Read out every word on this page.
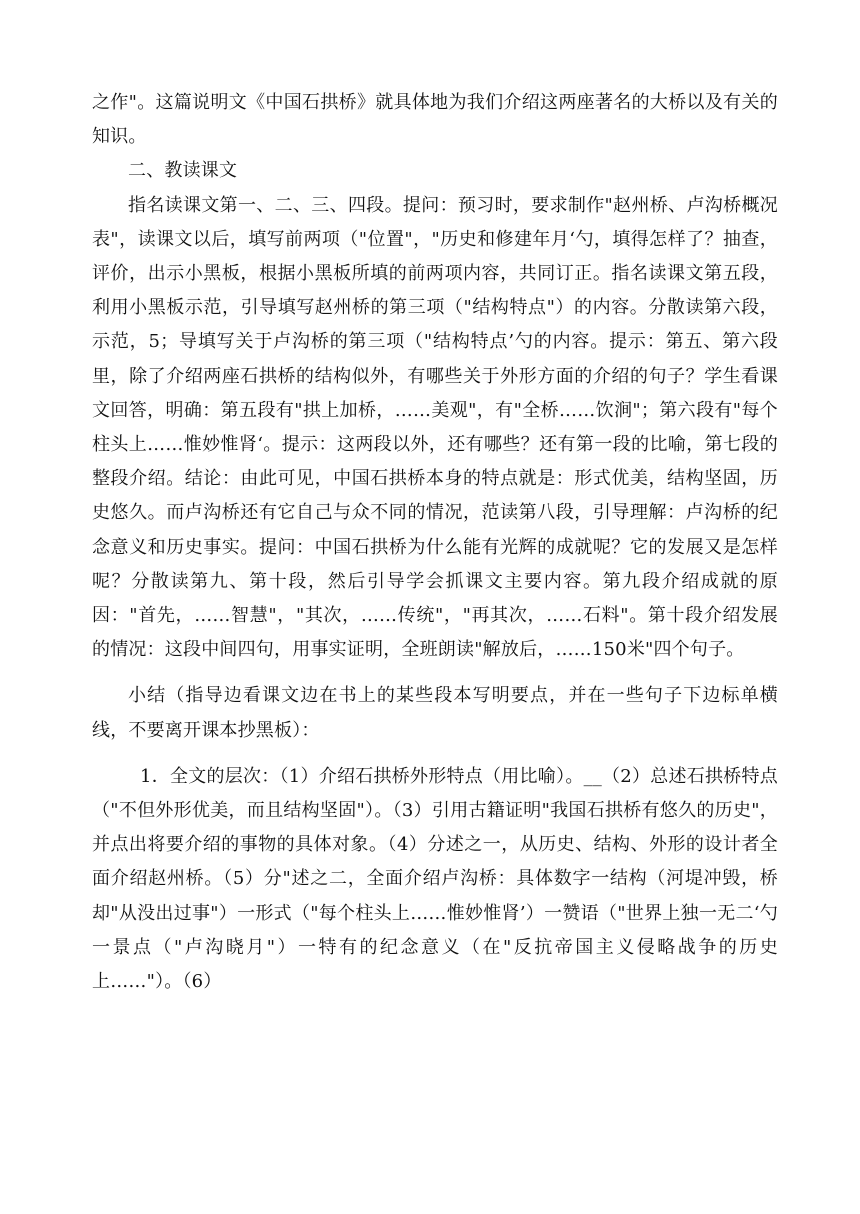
之作"。这篇说明文《中国石拱桥》就具体地为我们介绍这两座著名的大桥以及有关的知识。

二、教读课文

指名读课文第一、二、三、四段。提问：预习时，要求制作"赵州桥、卢沟桥概况表"，读课文以后，填写前两项（"位置"，"历史和修建年月‘勺，填得怎样了？抽查，评价，出示小黑板，根据小黑板所填的前两项内容，共同订正。指名读课文第五段，利用小黑板示范，引导填写赵州桥的第三项（"结构特点"）的内容。分散读第六段，示范，5；导填写关于卢沟桥的第三项（"结构特点’勺的内容。提示：第五、第六段里，除了介绍两座石拱桥的结构似外，有哪些关于外形方面的介绍的句子？学生看课文回答，明确：第五段有"拱上加桥，……美观"，有"全桥……饮涧"；第六段有"每个柱头上……惟妙惟肾‘。提示：这两段以外，还有哪些？还有第一段的比喻，第七段的整段介绍。结论：由此可见，中国石拱桥本身的特点就是：形式优美，结构坚固，历史悠久。而卢沟桥还有它自己与众不同的情况，范读第八段，引导理解：卢沟桥的纪念意义和历史事实。提问：中国石拱桥为什么能有光辉的成就呢？它的发展又是怎样呢？分散读第九、第十段，然后引导学会抓课文主要内容。第九段介绍成就的原因："首先，……智慧"，"其次，……传统"，"再其次，……石料"。第十段介绍发展的情况：这段中间四句，用事实证明，全班朗读"解放后，……150米"四个句子。

小结（指导边看课文边在书上的某些段本写明要点，并在一些句子下边标单横线，不要离开课本抄黑板）：

1．全文的层次：（1）介绍石拱桥外形特点（用比喻）。__（2）总述石拱桥特点（"不但外形优美，而且结构坚固"）。（3）引用古籍证明"我国石拱桥有悠久的历史"，并点出将要介绍的事物的具体对象。（4）分述之一，从历史、结构、外形的设计者全面介绍赵州桥。（5）分"述之二，全面介绍卢沟桥：具体数字一结构（河堤冲毁，桥却"从没出过事"）一形式（"每个柱头上……惟妙惟肾’）一赞语（"世界上独一无二‘勺一景点（"卢沟晓月"）一特有的纪念意义（在"反抗帝国主义侵略战争的历史上……"）。（6）
